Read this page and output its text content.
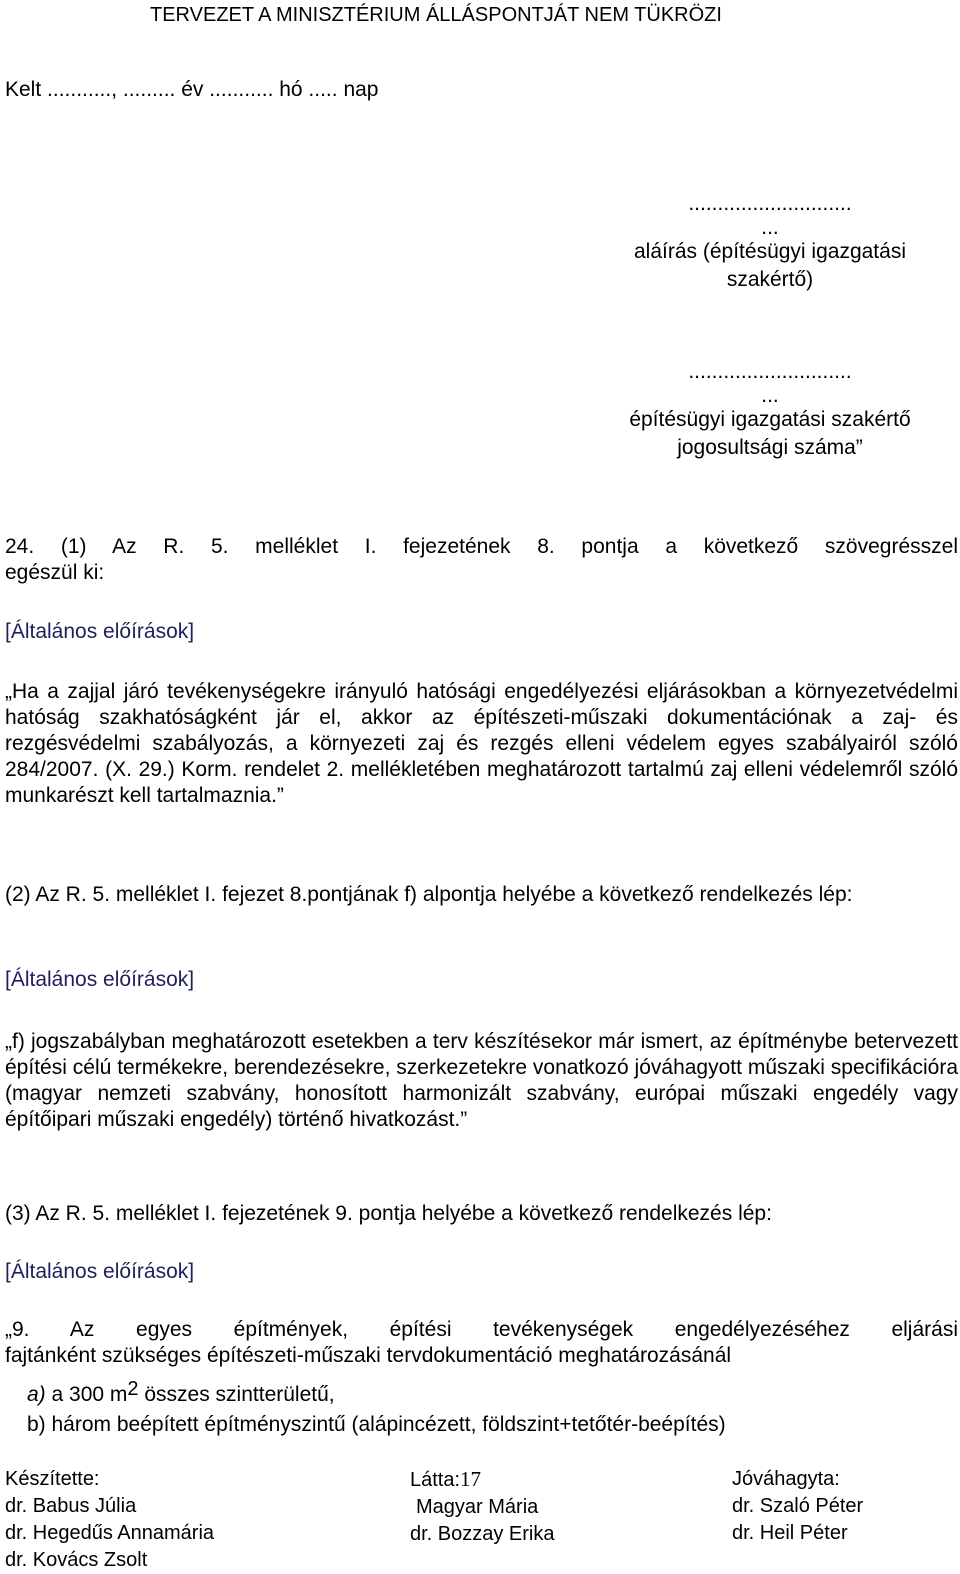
TERVEZET A MINISZTÉRIUM ÁLLÁSPONTJÁT NEM TÜKRÖZI
Kelt ..........., ......... év ........... hó ..... nap
............................
...
aláírás (építésügyi igazgatási
szakértő)
............................
...
építésügyi igazgatási szakértő
jogosultsági száma”
24. (1) Az R. 5. melléklet I. fejezetének 8. pontja a következő szövegrésszel
egészül ki:
[Általános előírások]
„Ha a zajjal járó tevékenységekre irányuló hatósági engedélyezési eljárásokban a környezetvédelmi hatóság szakhatóságként jár el, akkor az építészeti-műszaki dokumentációnak a zaj- és rezgésvédelmi szabályozás, a környezeti zaj és rezgés elleni védelem egyes szabályairól szóló 284/2007. (X. 29.) Korm. rendelet 2. mellékletében meghatározott tartalmú zaj elleni védelemről szóló munkarészt kell tartalmaznia.”
(2) Az R. 5. melléklet I. fejezet 8.pontjának f) alpontja helyébe a következő rendelkezés lép:
[Általános előírások]
„f) jogszabályban meghatározott esetekben a terv készítésekor már ismert, az építménybe betervezett építési célú termékekre, berendezésekre, szerkezetekre vonatkozó jóváhagyott műszaki specifikációra (magyar nemzeti szabvány, honosított harmonizált szabvány, európai műszaki engedély vagy építőipari műszaki engedély) történő hivatkozást.”
(3) Az R. 5. melléklet I. fejezetének 9. pontja helyébe a következő rendelkezés lép:
[Általános előírások]
„9. Az egyes építmények, építési tevékenységek engedélyezéséhez eljárási
fajtánként szükséges építészeti-műszaki tervdokumentáció meghatározásánál
a) a 300 $m^2$ összes szintterületű,
b) három beépített építményszintű (alápincézett, földszint+tetőtér-beépítés)
Készítette:
dr. Babus Júlia
dr. Hegedűs Annamária
dr. Kovács Zsolt
Látta:17
Magyar Mária
dr. Bozzay Erika
Jóváhagyta:
dr. Szaló Péter
dr. Heil Péter
